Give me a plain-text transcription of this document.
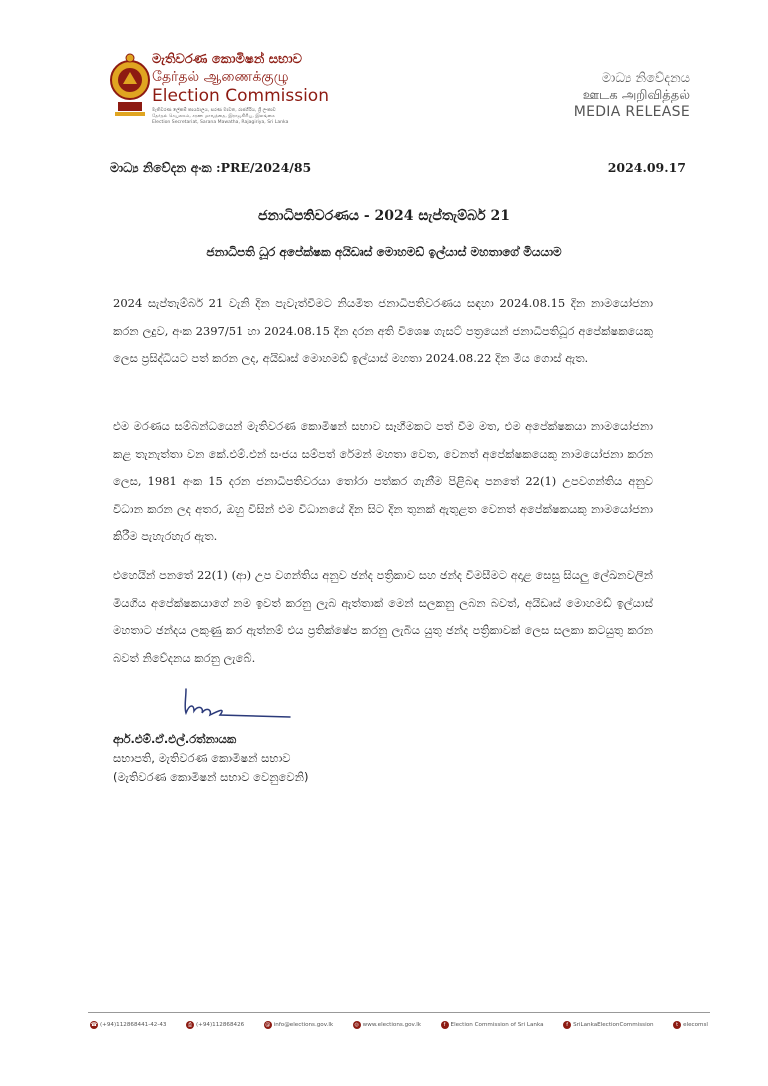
මැතිවරණ කොමිෂන් සභාව
தேர்தல் ஆணைக்குழு
Election Commission
මැතිවරණ ලේකම් කාර්යාලය, සරණ මාවත, රාජගිරිය, ශ්‍රී ලංකාව
தேர்தல் செயலகம், சரண மாவத்தை, இராஜகிரிய, இலங்கை
Election Secretariat, Sarana Mawatha, Rajagiriya, Sri Lanka
මාධ්‍ය නිවේදනය
ஊடக அறிவித்தல்
MEDIA RELEASE
මාධ්‍ය නිවේදන අංක :PRE/2024/85	2024.09.17
ජනාධිපතිවරණය - 2024 සැප්තැම්බර් 21
ජනාධිපති ධූර අපේක්ෂක අයිඩෘස් මොහමඩ් ඉල්යාස් මහතාගේ මියයාම
2024 සැප්තැම්බර් 21 වැනි දින පැවැත්වීමට නියමිත ජනාධිපතිවරණය සඳහා 2024.08.15 දින නාමයෝජනා කරන ලදුව, අංක 2397/51 හා 2024.08.15 දින දරන අති විශෙෂ ගැසට් පත්‍රයෙන් ජනාධිපතිධූර අපේක්ෂකයෙකු ලෙස ප්‍රසිද්ධියට පත් කරන ලද, අයිඩෘස් මොහමඩ් ඉල්යාස් මහතා 2024.08.22 දින මිය ගොස් ඇත.
එම මරණය සම්බන්ධයෙන් මැතිවරණ කොමිෂන් සභාව සෑහීමකට පත් වීම මත, එම අපේක්ෂකයා නාමයෝජනා කළ තැනැත්තා වන කේ.එම්.එන් සංජය සම්පත් රේමන් මහතා වෙත, වෙනත් අපේක්ෂකයෙකු නාමයෝජනා කරන ලෙස, 1981 අංක 15 දරන ජනාධිපතිවරයා තෝරා පත්කර ගැනීම පිළිබඳ පනතේ 22(1) උපවගන්තිය අනුව විධාන කරන ලද අතර, ඔහු විසින් එම විධානයේ දින සිට දින තුනක් ඇතුළත වෙනත් අපේක්ෂකයකු නාමයෝජනා කිරීම පැහැරහැර ඇත.
එහෙයින් පනතේ 22(1) (ආ) උප වගන්තිය අනුව ඡන්ද පත්‍රිකාව සහ ඡන්ද විමසීමට අදාළ සෙසු සියලු ලේඛනවලින් මියගිය අපේක්ෂකයාගේ නම ඉවත් කරනු ලැබ ඇත්තාක් මෙන් සලකනු ලබන බවත්, අයිඩෘස් මොහමඩ් ඉල්යාස් මහතාට ඡන්දය ලකුණු කර ඇත්නම් එය ප්‍රතික්ෂේප කරනු ලැබිය යුතු ඡන්ද පත්‍රිකාවක් ලෙස සලකා කටයුතු කරන බවත් නිවේදනය කරනු ලැබේ.
ආර්.එම්.ඒ.එල්.රත්නායක
සභාපති, මැතිවරණ කොමිෂන් සභාව
(මැතිවරණ කොමිෂන් සභාව වෙනුවෙනි)
☎ (+94)112868441-42-43	⎙ (+94)112868426	@ info@elections.gov.lk	◎ www.elections.gov.lk	f Election Commission of Sri Lanka	f SriLankaElectionCommission	t elecomsl
